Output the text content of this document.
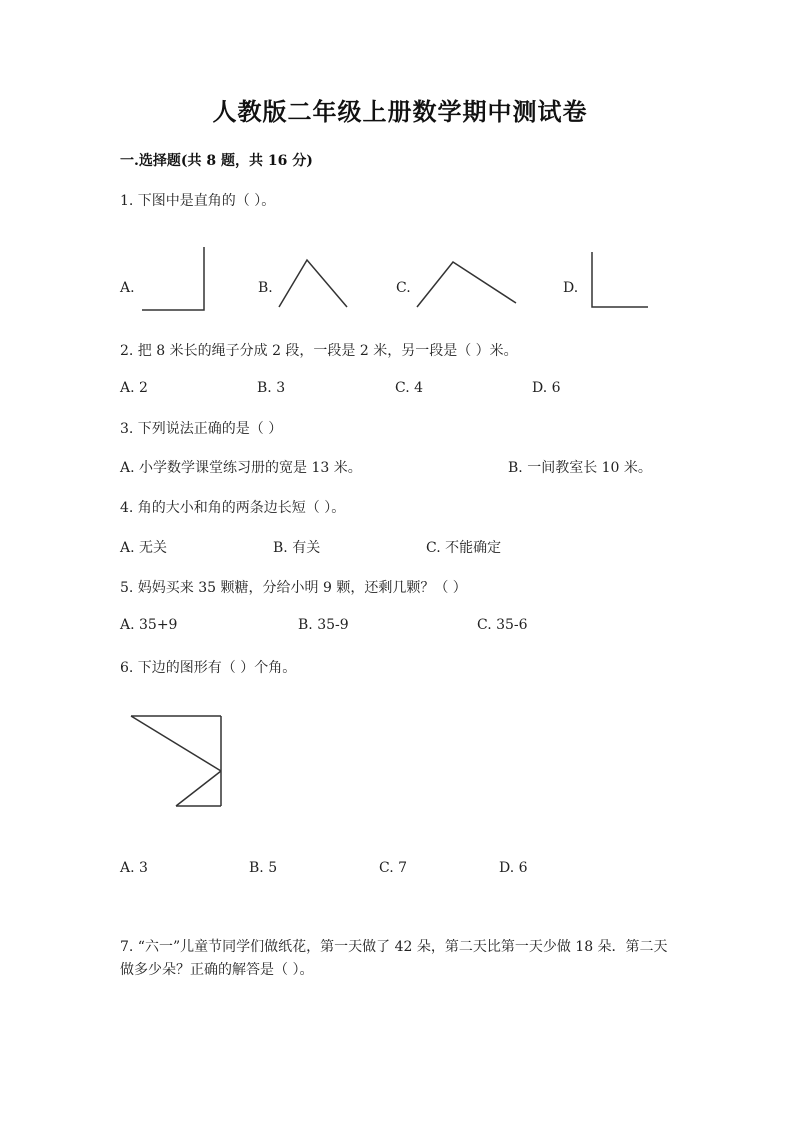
人教版二年级上册数学期中测试卷
一.选择题(共 8 题，共 16 分)
1. 下图中是直角的（ ）。
A.	B.	C.	D.
2. 把 8 米长的绳子分成 2 段，一段是 2 米，另一段是（ ）米。
A. 2	B. 3	C. 4	D. 6
3. 下列说法正确的是（ ）
A. 小学数学课堂练习册的宽是 13 米。	B. 一间教室长 10 米。
4. 角的大小和角的两条边长短（ ）。
A. 无关	B. 有关	C. 不能确定
5. 妈妈买来 35 颗糖，分给小明 9 颗，还剩几颗？（ ）
A. 35+9	B. 35-9	C. 35-6
6. 下边的图形有（ ）个角。
A. 3	B. 5	C. 7	D. 6
7. “六一”儿童节同学们做纸花，第一天做了 42 朵，第二天比第一天少做 18 朵．第二天做多少朵？正确的解答是（ ）。
